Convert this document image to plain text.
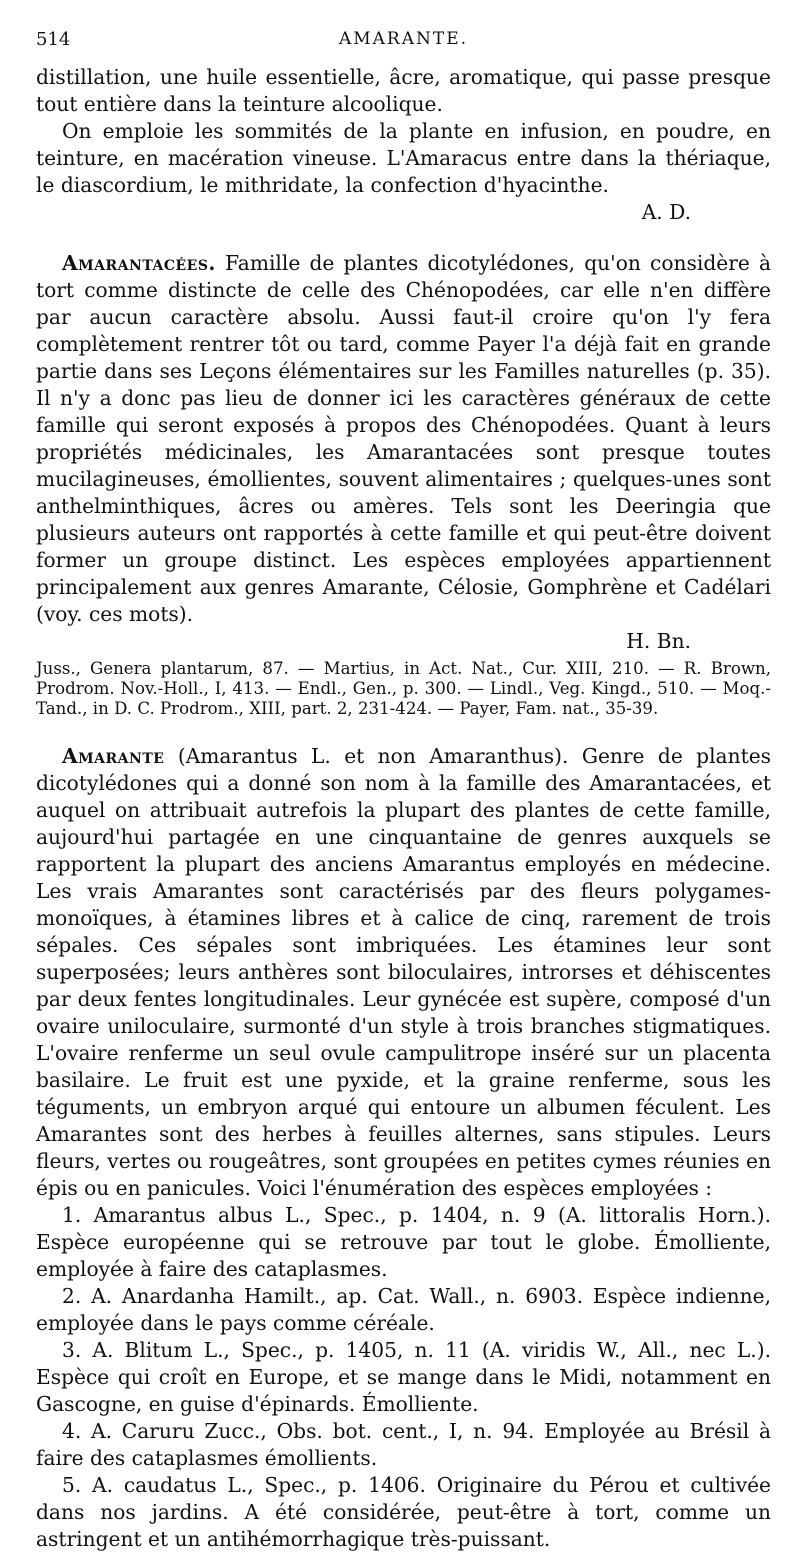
514	AMARANTE.

distillation, une huile essentielle, âcre, aromatique, qui passe presque tout entière dans la teinture alcoolique.

On emploie les sommités de la plante en infusion, en poudre, en teinture, en macération vineuse. L'Amaracus entre dans la thériaque, le diascordium, le mithridate, la confection d'hyacinthe.

A. D.

Amarantacées. Famille de plantes dicotylédones, qu'on considère à tort comme distincte de celle des Chénopodées, car elle n'en diffère par aucun caractère absolu. Aussi faut-il croire qu'on l'y fera complètement rentrer tôt ou tard, comme Payer l'a déjà fait en grande partie dans ses Leçons élémentaires sur les Familles naturelles (p. 35). Il n'y a donc pas lieu de donner ici les caractères généraux de cette famille qui seront exposés à propos des Chénopodées. Quant à leurs propriétés médicinales, les Amarantacées sont presque toutes mucilagineuses, émollientes, souvent alimentaires ; quelques-unes sont anthelminthiques, âcres ou amères. Tels sont les Deeringia que plusieurs auteurs ont rapportés à cette famille et qui peut-être doivent former un groupe distinct. Les espèces employées appartiennent principalement aux genres Amarante, Célosie, Gomphrène et Cadélari (voy. ces mots).

H. Bn.

Juss., Genera plantarum, 87. — Martius, in Act. Nat., Cur. XIII, 210. — R. Brown, Prodrom. Nov.-Holl., I, 413. — Endl., Gen., p. 300. — Lindl., Veg. Kingd., 510. — Moq.-Tand., in D. C. Prodrom., XIII, part. 2, 231-424. — Payer, Fam. nat., 35-39.

Amarante (Amarantus L. et non Amaranthus). Genre de plantes dicotylédones qui a donné son nom à la famille des Amarantacées, et auquel on attribuait autrefois la plupart des plantes de cette famille, aujourd'hui partagée en une cinquantaine de genres auxquels se rapportent la plupart des anciens Amarantus employés en médecine. Les vrais Amarantes sont caractérisés par des fleurs polygames-monoïques, à étamines libres et à calice de cinq, rarement de trois sépales. Ces sépales sont imbriquées. Les étamines leur sont superposées; leurs anthères sont biloculaires, introrses et déhiscentes par deux fentes longitudinales. Leur gynécée est supère, composé d'un ovaire uniloculaire, surmonté d'un style à trois branches stigmatiques. L'ovaire renferme un seul ovule campulitrope inséré sur un placenta basilaire. Le fruit est une pyxide, et la graine renferme, sous les téguments, un embryon arqué qui entoure un albumen féculent. Les Amarantes sont des herbes à feuilles alternes, sans stipules. Leurs fleurs, vertes ou rougeâtres, sont groupées en petites cymes réunies en épis ou en panicules. Voici l'énumération des espèces employées :

1. Amarantus albus L., Spec., p. 1404, n. 9 (A. littoralis Horn.). Espèce européenne qui se retrouve par tout le globe. Émolliente, employée à faire des cataplasmes.

2. A. Anardanha Hamilt., ap. Cat. Wall., n. 6903. Espèce indienne, employée dans le pays comme céréale.

3. A. Blitum L., Spec., p. 1405, n. 11 (A. viridis W., All., nec L.). Espèce qui croît en Europe, et se mange dans le Midi, notamment en Gascogne, en guise d'épinards. Émolliente.

4. A. Caruru Zucc., Obs. bot. cent., I, n. 94. Employée au Brésil à faire des cataplasmes émollients.

5. A. caudatus L., Spec., p. 1406. Originaire du Pérou et cultivée dans nos jardins. A été considérée, peut-être à tort, comme un astringent et un antihémorrhagique très-puissant.
